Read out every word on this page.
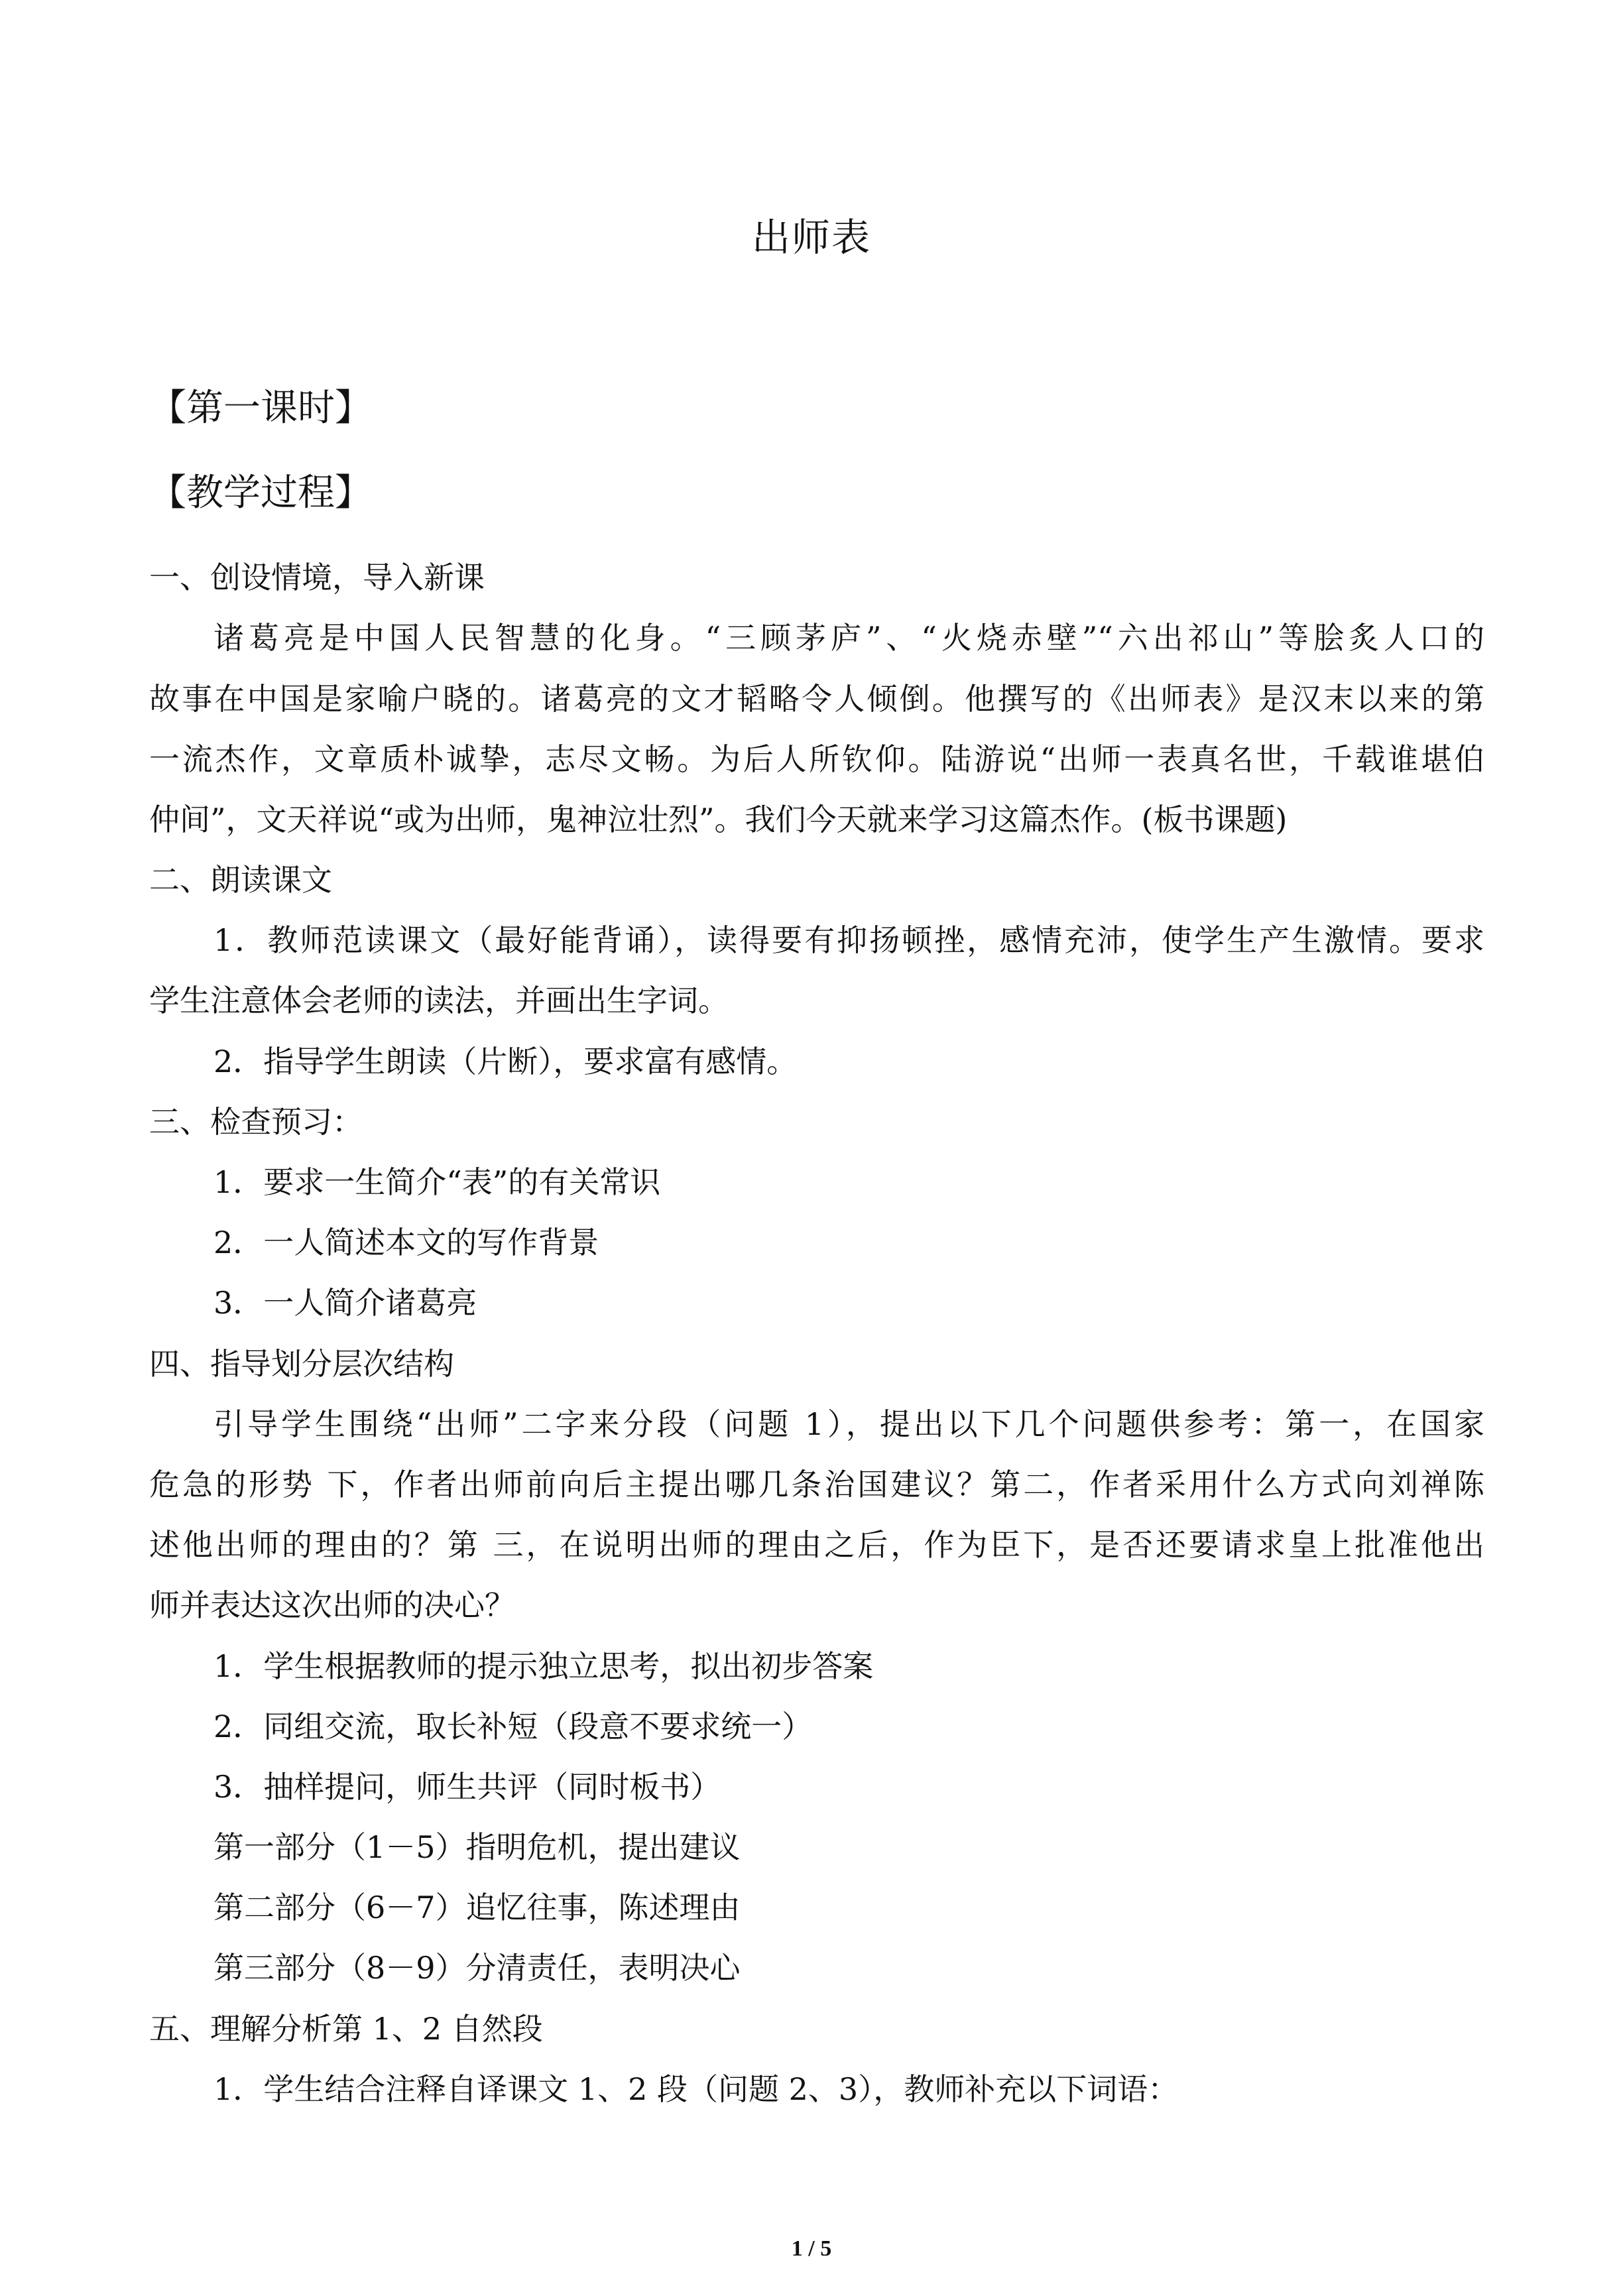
出师表
【第一课时】
【教学过程】
一、创设情境，导入新课
诸葛亮是中国人民智慧的化身。“三顾茅庐”、“火烧赤壁”“六出祁山”等脍炙人口的
故事在中国是家喻户晓的。诸葛亮的文才韬略令人倾倒。他撰写的《出师表》是汉末以来的第
一流杰作，文章质朴诚挚，志尽文畅。为后人所钦仰。陆游说“出师一表真名世，千载谁堪伯
仲间”，文天祥说“或为出师，鬼神泣壮烈”。我们今天就来学习这篇杰作。(板书课题)
二、朗读课文
1．教师范读课文（最好能背诵），读得要有抑扬顿挫，感情充沛，使学生产生激情。要求
学生注意体会老师的读法，并画出生字词。
2．指导学生朗读（片断），要求富有感情。
三、检查预习：
1．要求一生简介“表”的有关常识
2．一人简述本文的写作背景
3．一人简介诸葛亮
四、指导划分层次结构
引导学生围绕“出师”二字来分段（问题 1），提出以下几个问题供参考：第一，在国家
危急的形势 下，作者出师前向后主提出哪几条治国建议？第二，作者采用什么方式向刘禅陈
述他出师的理由的？第 三，在说明出师的理由之后，作为臣下，是否还要请求皇上批准他出
师并表达这次出师的决心？
1．学生根据教师的提示独立思考，拟出初步答案
2．同组交流，取长补短（段意不要求统一）
3．抽样提问，师生共评（同时板书）
第一部分（1－5）指明危机，提出建议
第二部分（6－7）追忆往事，陈述理由
第三部分（8－9）分清责任，表明决心
五、理解分析第 1、2 自然段
1．学生结合注释自译课文 1、2 段（问题 2、3），教师补充以下词语：
1 / 5
